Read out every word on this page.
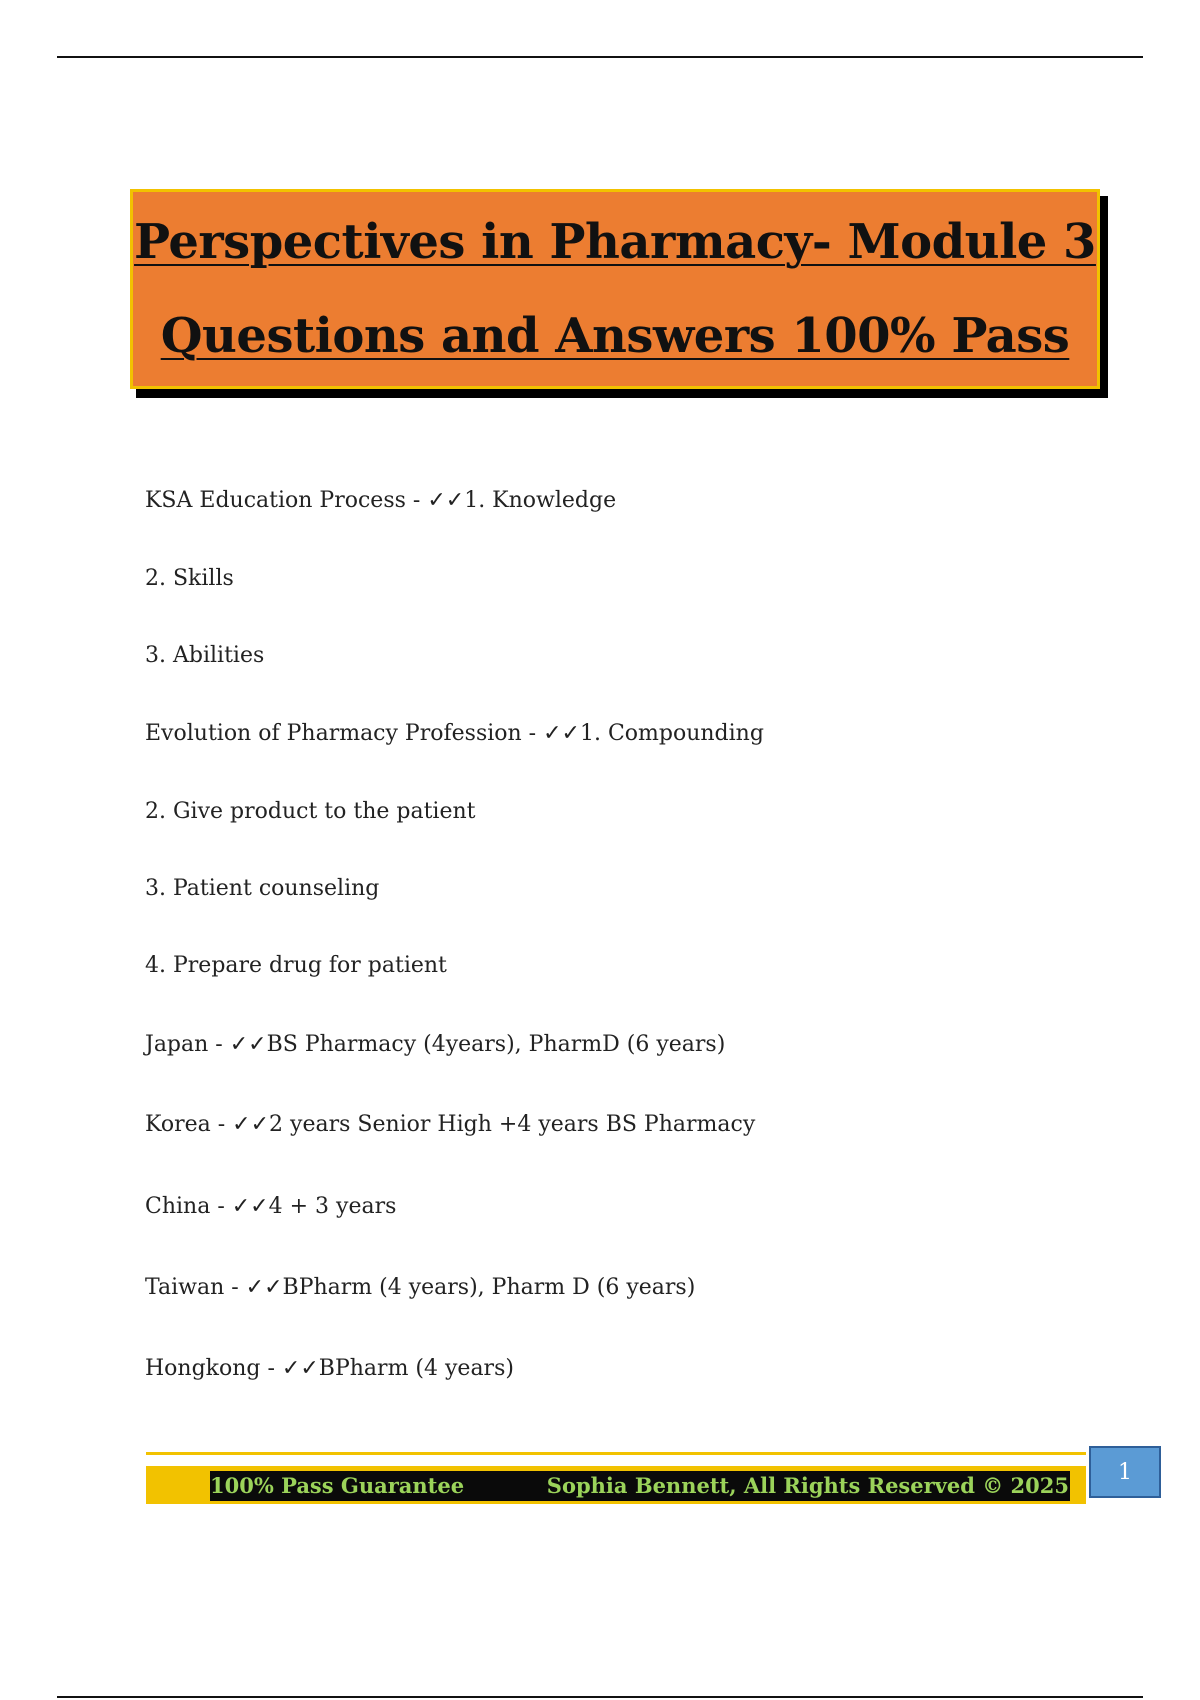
Perspectives in Pharmacy- Module 3
Questions and Answers 100% Pass
KSA Education Process - ✓✓1. Knowledge
2. Skills
3. Abilities
Evolution of Pharmacy Profession - ✓✓1. Compounding
2. Give product to the patient
3. Patient counseling
4. Prepare drug for patient
Japan - ✓✓BS Pharmacy (4years), PharmD (6 years)
Korea - ✓✓2 years Senior High +4 years BS Pharmacy
China - ✓✓4 + 3 years
Taiwan - ✓✓BPharm (4 years), Pharm D (6 years)
Hongkong - ✓✓BPharm (4 years)
100% Pass Guarantee	Sophia Bennett, All Rights Reserved © 2025
1
